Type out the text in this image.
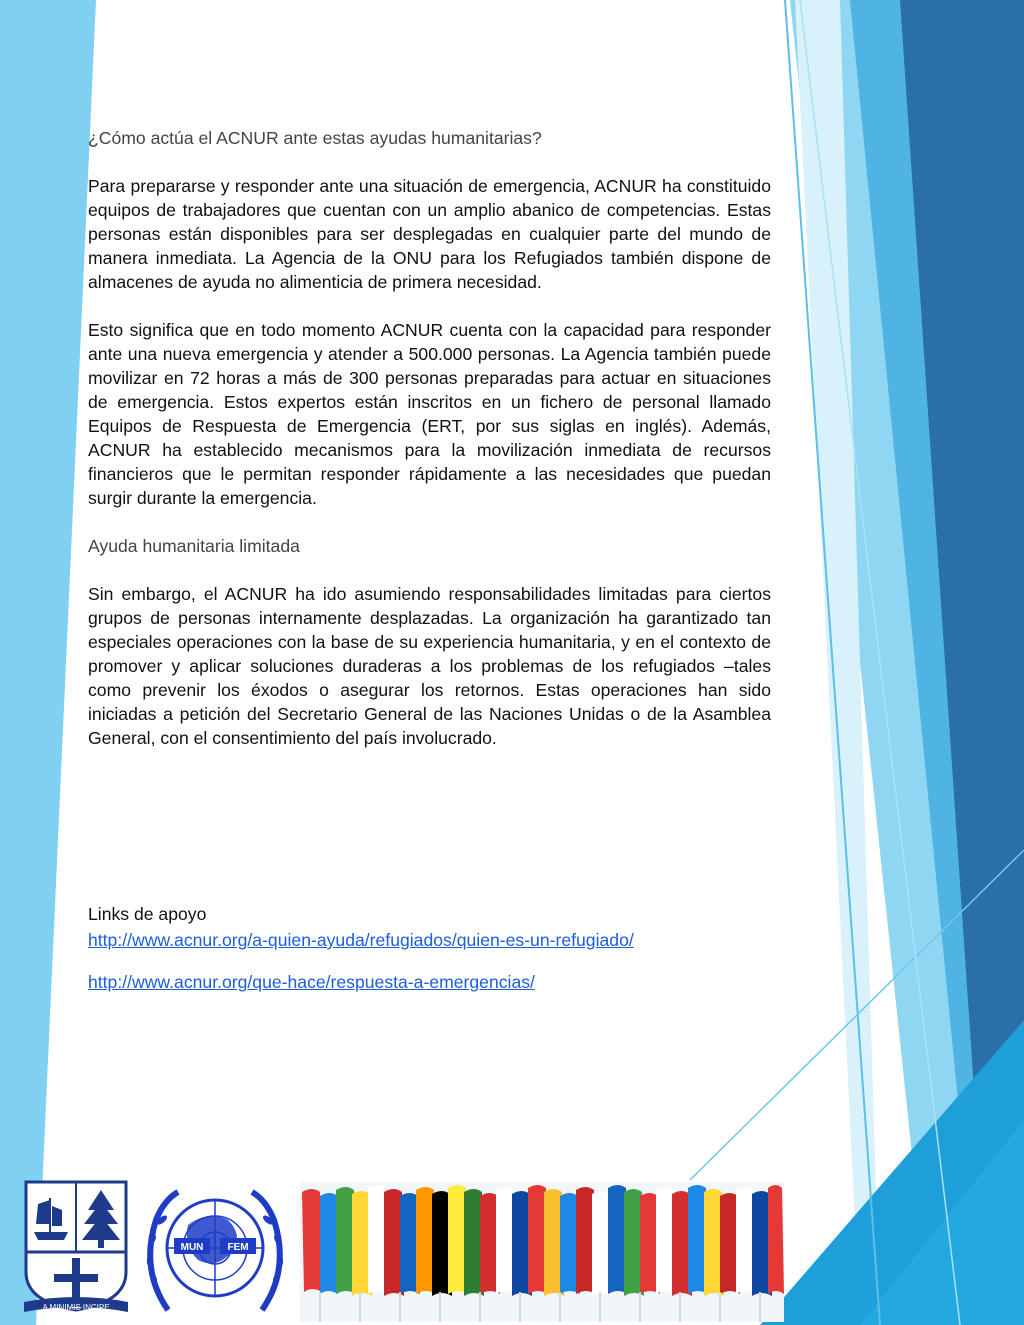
¿Cómo actúa el ACNUR ante estas ayudas humanitarias?

Para prepararse y responder ante una situación de emergencia, ACNUR ha constituido equipos de trabajadores que cuentan con un amplio abanico de competencias. Estas personas están disponibles para ser desplegadas en cualquier parte del mundo de manera inmediata. La Agencia de la ONU para los Refugiados también dispone de almacenes de ayuda no alimenticia de primera necesidad.

Esto significa que en todo momento ACNUR cuenta con la capacidad para responder ante una nueva emergencia y atender a 500.000 personas. La Agencia también puede movilizar en 72 horas a más de 300 personas preparadas para actuar en situaciones de emergencia. Estos expertos están inscritos en un fichero de personal llamado Equipos de Respuesta de Emergencia (ERT, por sus siglas en inglés). Además, ACNUR ha establecido mecanismos para la movilización inmediata de recursos financieros que le permitan responder rápidamente a las necesidades que puedan surgir durante la emergencia.

Ayuda humanitaria limitada

Sin embargo, el ACNUR ha ido asumiendo responsabilidades limitadas para ciertos grupos de personas internamente desplazadas. La organización ha garantizado tan especiales operaciones con la base de su experiencia humanitaria, y en el contexto de promover y aplicar soluciones duraderas a los problemas de los refugiados –tales como prevenir los éxodos o asegurar los retornos. Estas operaciones han sido iniciadas a petición del Secretario General de las Naciones Unidas o de la Asamblea General, con el consentimiento del país involucrado.

Links de apoyo
http://www.acnur.org/a-quien-ayuda/refugiados/quien-es-un-refugiado/
http://www.acnur.org/que-hace/respuesta-a-emergencias/
A MINIMIS INCIPE
MUN FEM
